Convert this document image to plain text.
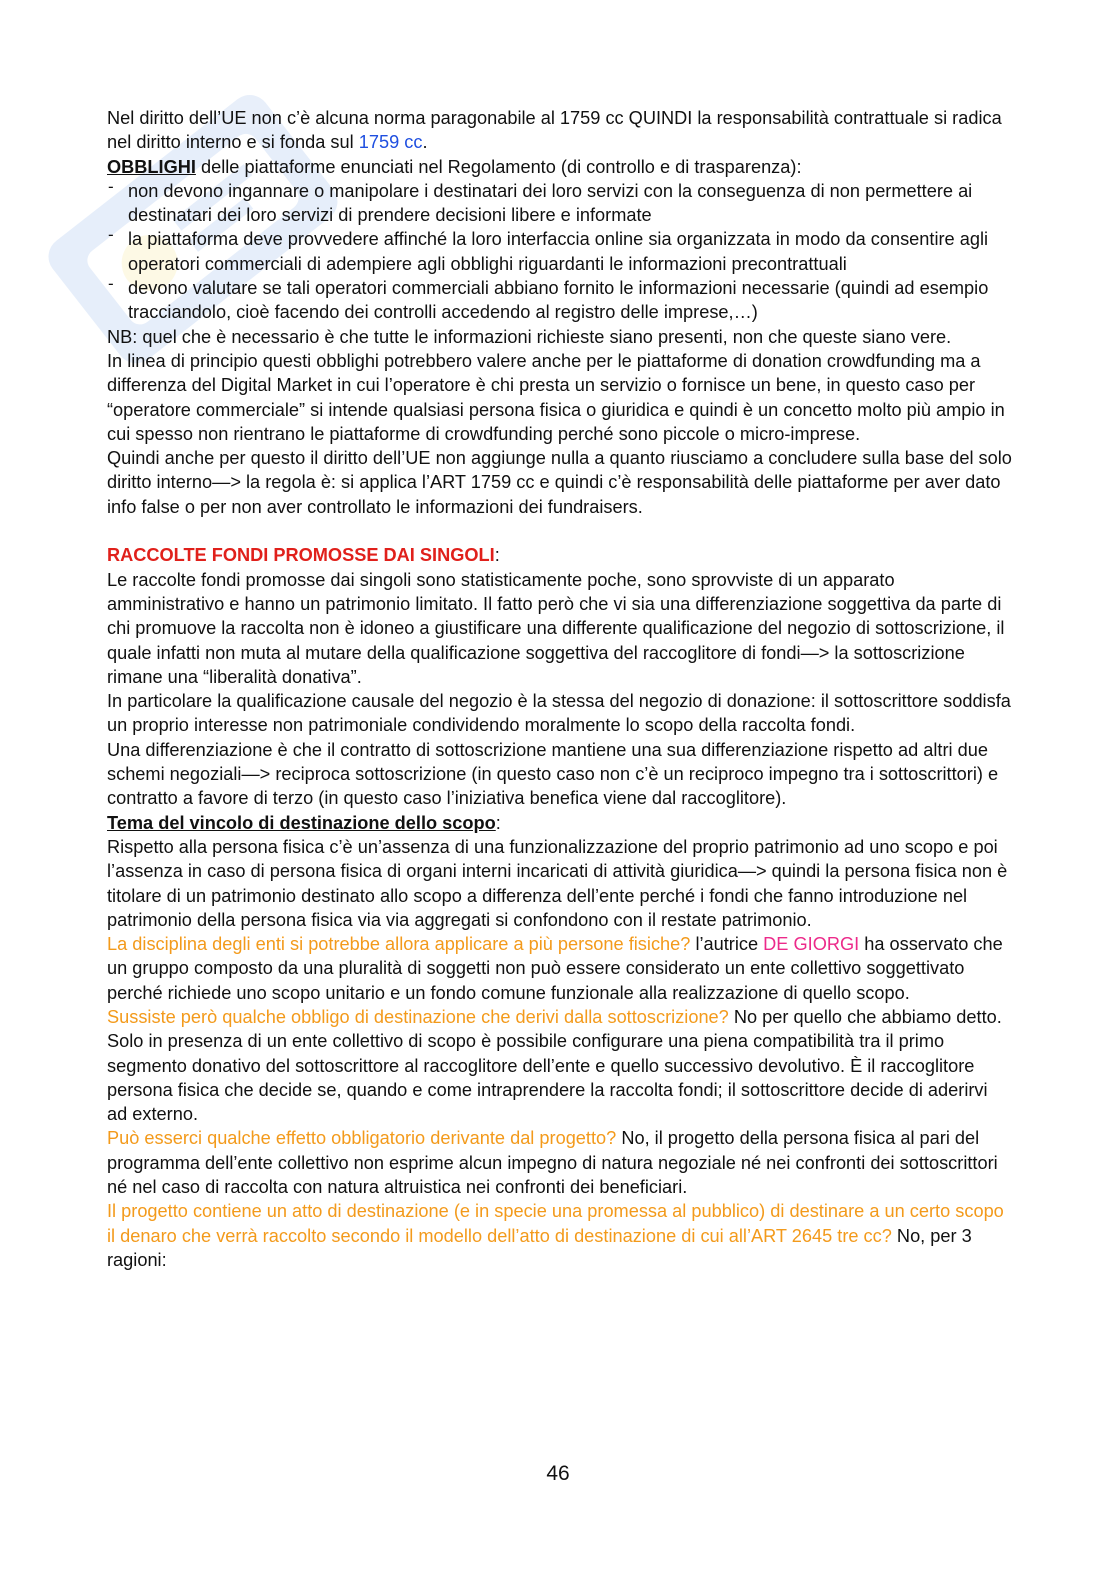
Nel diritto dell’UE non c’è alcuna norma paragonabile al 1759 cc QUINDI la responsabilità contrattuale si radica nel diritto interno e si fonda sul 1759 cc.

OBBLIGHI delle piattaforme enunciati nel Regolamento (di controllo e di trasparenza):

- non devono ingannare o manipolare i destinatari dei loro servizi con la conseguenza di non permettere ai destinatari dei loro servizi di prendere decisioni libere e informate
- la piattaforma deve provvedere affinché la loro interfaccia online sia organizzata in modo da consentire agli operatori commerciali di adempiere agli obblighi riguardanti le informazioni precontrattuali
- devono valutare se tali operatori commerciali abbiano fornito le informazioni necessarie (quindi ad esempio tracciandolo, cioè facendo dei controlli accedendo al registro delle imprese,…)

NB: quel che è necessario è che tutte le informazioni richieste siano presenti, non che queste siano vere.

In linea di principio questi obblighi potrebbero valere anche per le piattaforme di donation crowdfunding ma a differenza del Digital Market in cui l’operatore è chi presta un servizio o fornisce un bene, in questo caso per “operatore commerciale” si intende qualsiasi persona fisica o giuridica e quindi è un concetto molto più ampio in cui spesso non rientrano le piattaforme di crowdfunding perché sono piccole o micro-imprese.

Quindi anche per questo il diritto dell’UE non aggiunge nulla a quanto riusciamo a concludere sulla base del solo diritto interno—> la regola è: si applica l’ART 1759 cc e quindi c’è responsabilità delle piattaforme per aver dato info false o per non aver controllato le informazioni dei fundraisers.

RACCOLTE FONDI PROMOSSE DAI SINGOLI:

Le raccolte fondi promosse dai singoli sono statisticamente poche, sono sprovviste di un apparato amministrativo e hanno un patrimonio limitato. Il fatto però che vi sia una differenziazione soggettiva da parte di chi promuove la raccolta non è idoneo a giustificare una differente qualificazione del negozio di sottoscrizione, il quale infatti non muta al mutare della qualificazione soggettiva del raccoglitore di fondi—> la sottoscrizione rimane una “liberalità donativa”.

In particolare la qualificazione causale del negozio è la stessa del negozio di donazione: il sottoscrittore soddisfa un proprio interesse non patrimoniale condividendo moralmente lo scopo della raccolta fondi.

Una differenziazione è che il contratto di sottoscrizione mantiene una sua differenziazione rispetto ad altri due schemi negoziali—> reciproca sottoscrizione (in questo caso non c’è un reciproco impegno tra i sottoscrittori) e contratto a favore di terzo (in questo caso l’iniziativa benefica viene dal raccoglitore).

Tema del vincolo di destinazione dello scopo:

Rispetto alla persona fisica c’è un’assenza di una funzionalizzazione del proprio patrimonio ad uno scopo e poi l’assenza in caso di persona fisica di organi interni incaricati di attività giuridica—> quindi la persona fisica non è titolare di un patrimonio destinato allo scopo a differenza dell’ente perché i fondi che fanno introduzione nel patrimonio della persona fisica via via aggregati si confondono con il restate patrimonio.

La disciplina degli enti si potrebbe allora applicare a più persone fisiche? l’autrice DE GIORGI ha osservato che un gruppo composto da una pluralità di soggetti non può essere considerato un ente collettivo soggettivato perché richiede uno scopo unitario e un fondo comune funzionale alla realizzazione di quello scopo.

Sussiste però qualche obbligo di destinazione che derivi dalla sottoscrizione? No per quello che abbiamo detto. Solo in presenza di un ente collettivo di scopo è possibile configurare una piena compatibilità tra il primo segmento donativo del sottoscrittore al raccoglitore dell’ente e quello successivo devolutivo. È il raccoglitore persona fisica che decide se, quando e come intraprendere la raccolta fondi; il sottoscrittore decide di aderirvi ad externo.

Può esserci qualche effetto obbligatorio derivante dal progetto? No, il progetto della persona fisica al pari del programma dell’ente collettivo non esprime alcun impegno di natura negoziale né nei confronti dei sottoscrittori né nel caso di raccolta con natura altruistica nei confronti dei beneficiari.

Il progetto contiene un atto di destinazione (e in specie una promessa al pubblico) di destinare a un certo scopo il denaro che verrà raccolto secondo il modello dell’atto di destinazione di cui all’ART 2645 tre cc? No, per 3 ragioni:

46
